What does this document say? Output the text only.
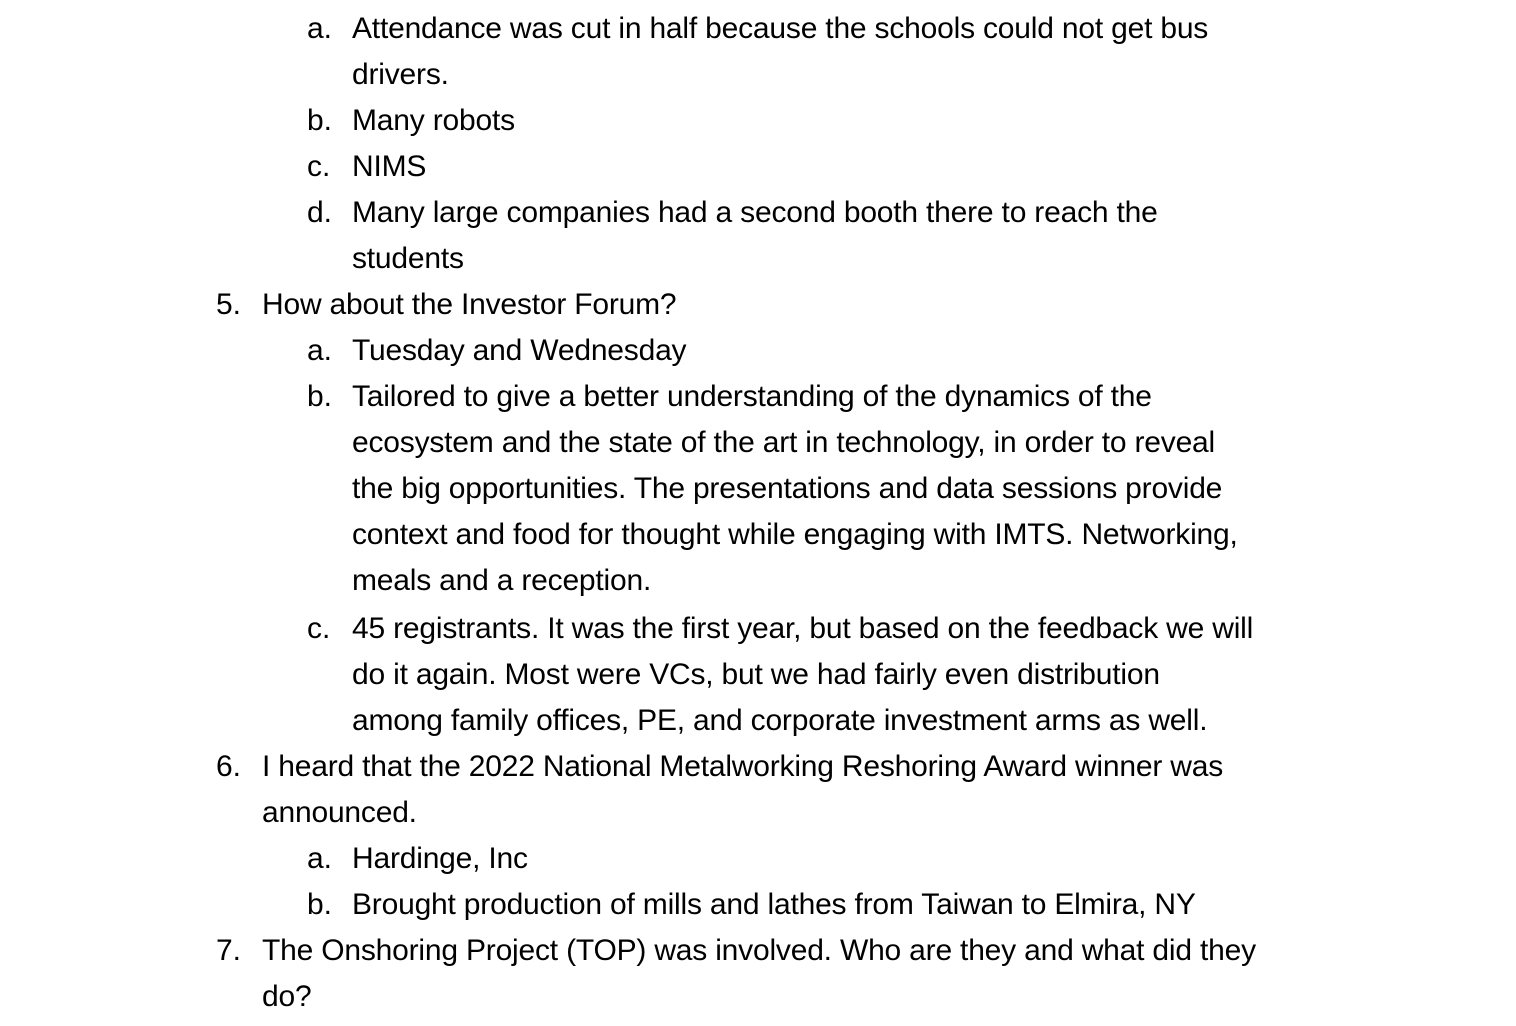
a. Attendance was cut in half because the schools could not get bus
drivers.
b. Many robots
c. NIMS
d. Many large companies had a second booth there to reach the
students
5. How about the Investor Forum?
a. Tuesday and Wednesday
b. Tailored to give a better understanding of the dynamics of the
ecosystem and the state of the art in technology, in order to reveal
the big opportunities. The presentations and data sessions provide
context and food for thought while engaging with IMTS. Networking,
meals and a reception.
c. 45 registrants. It was the first year, but based on the feedback we will
do it again. Most were VCs, but we had fairly even distribution
among family offices, PE, and corporate investment arms as well.
6. I heard that the 2022 National Metalworking Reshoring Award winner was
announced.
a. Hardinge, Inc
b. Brought production of mills and lathes from Taiwan to Elmira, NY
7. The Onshoring Project (TOP) was involved. Who are they and what did they
do?
